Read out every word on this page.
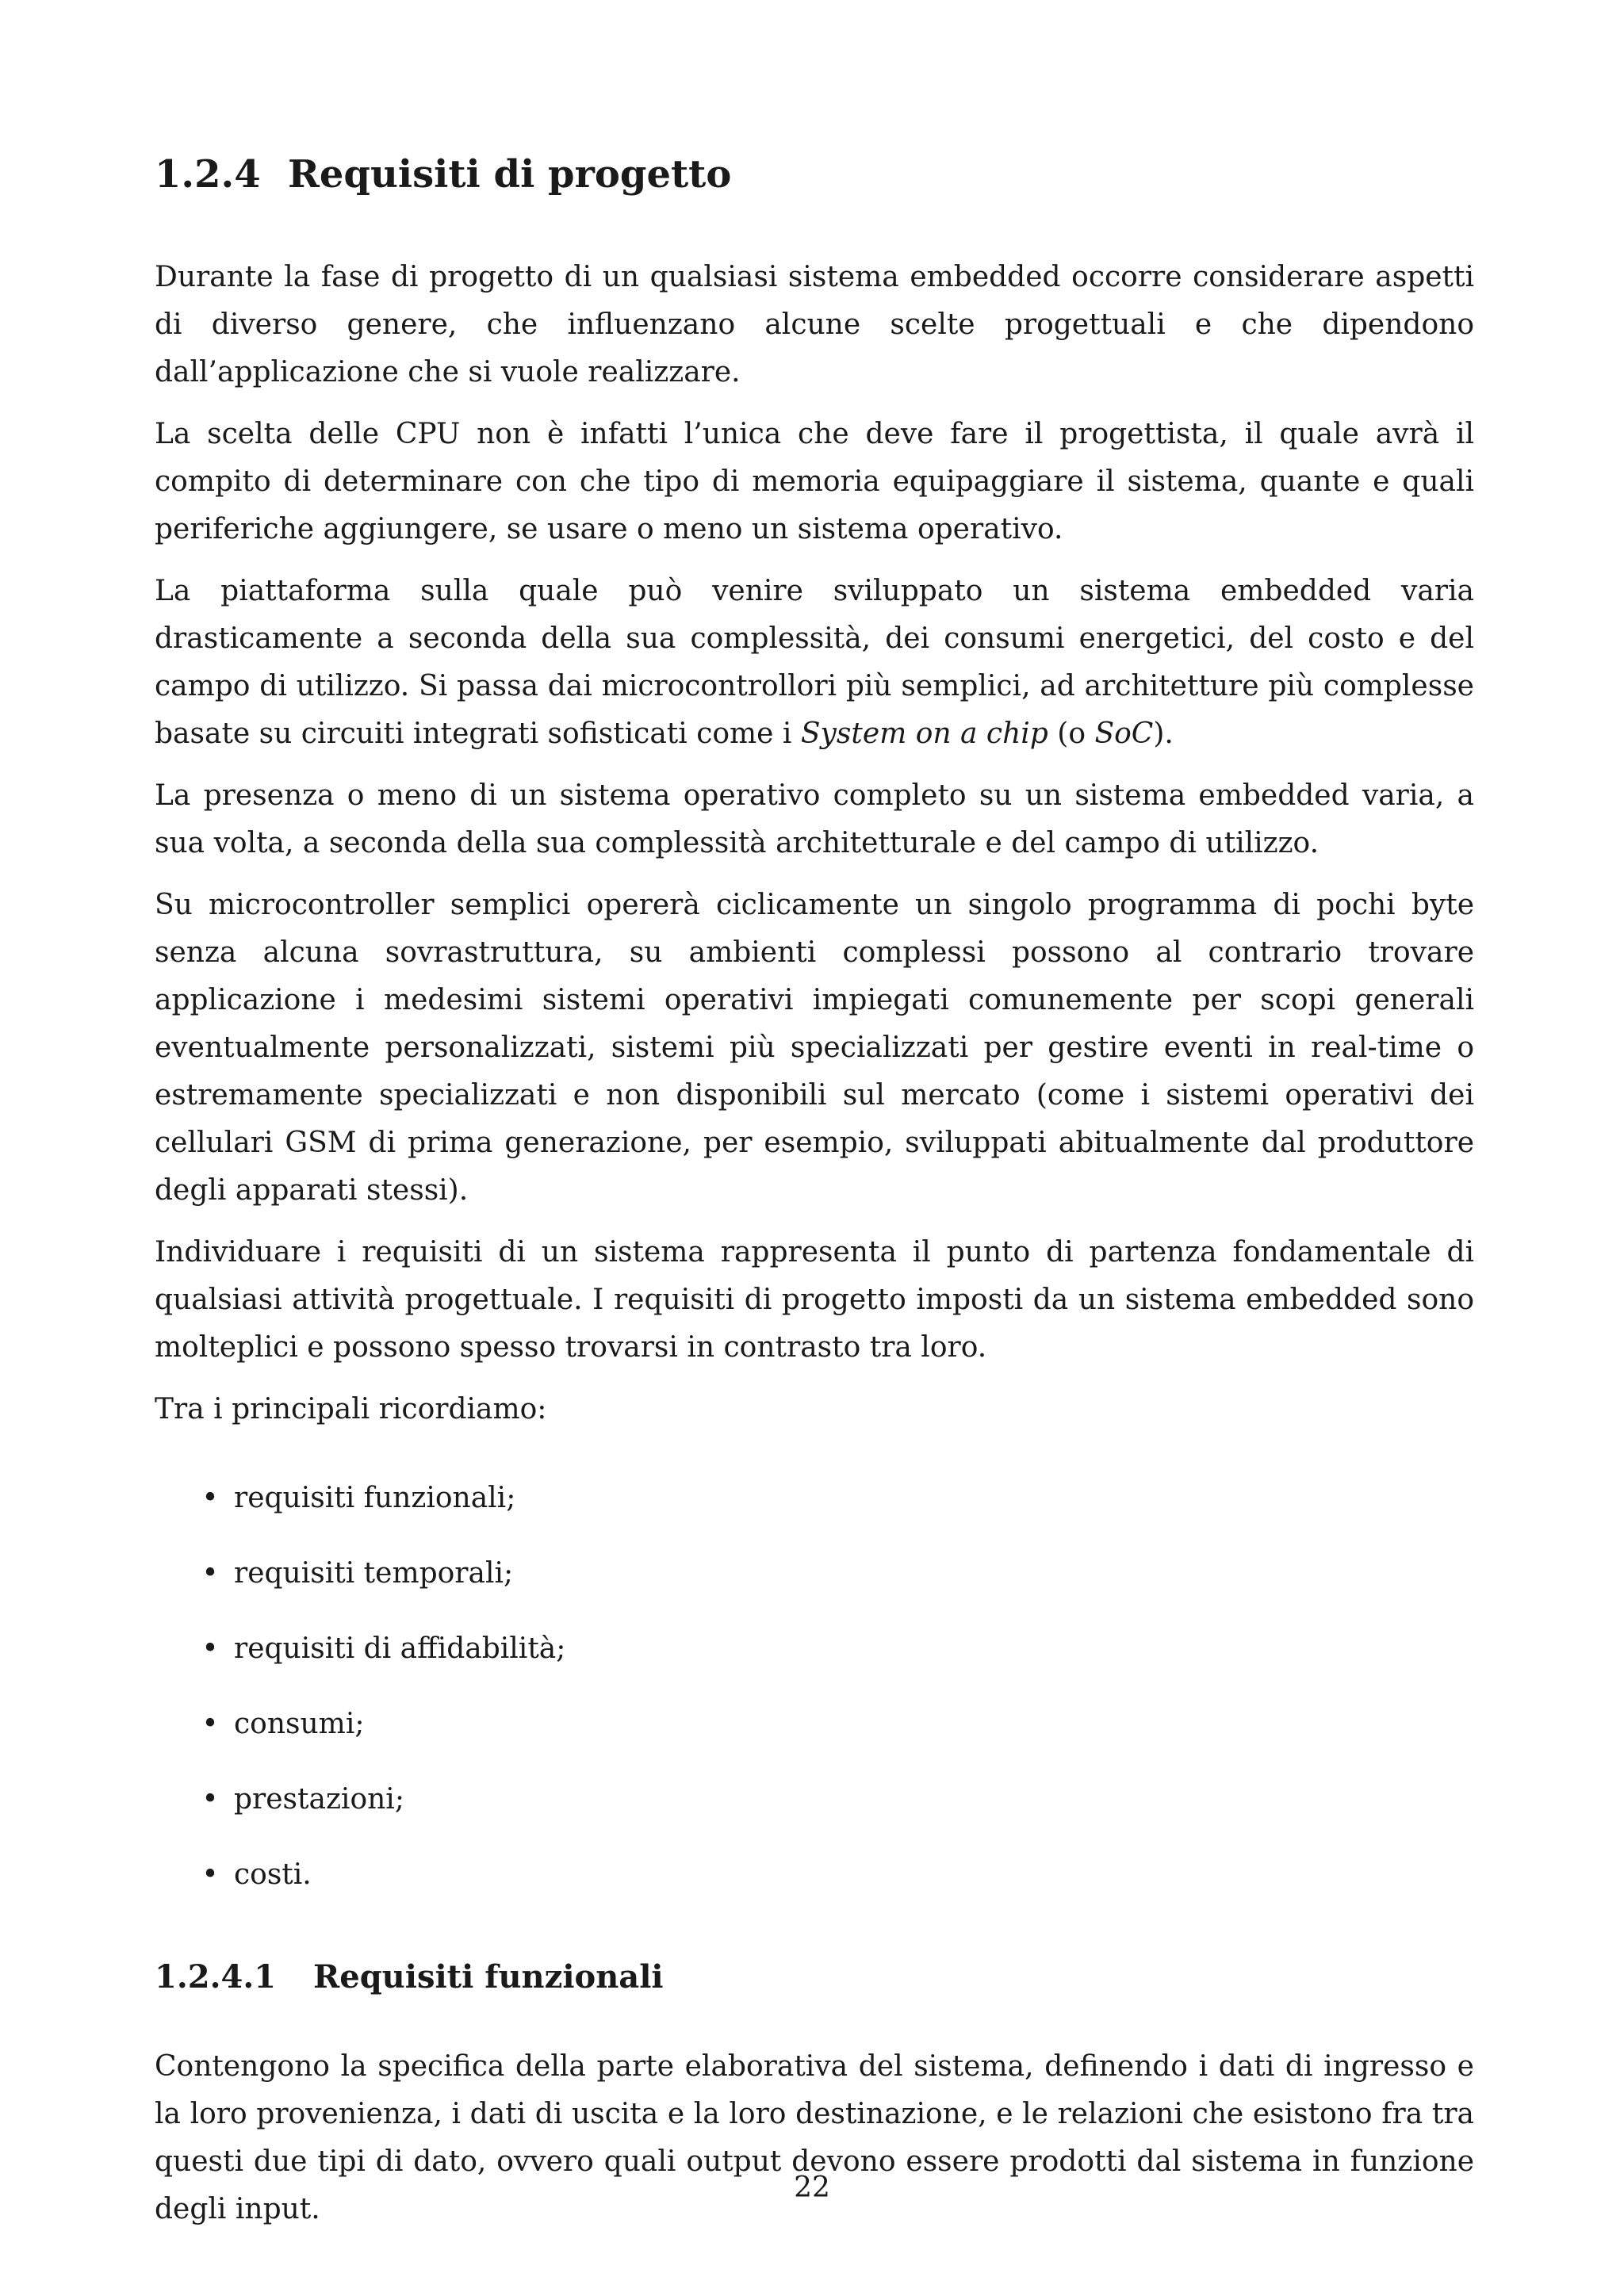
1.2.4 Requisiti di progetto

Durante la fase di progetto di un qualsiasi sistema embedded occorre considerare aspetti di diverso genere, che influenzano alcune scelte progettuali e che dipendono dall’applicazione che si vuole realizzare.

La scelta delle CPU non è infatti l’unica che deve fare il progettista, il quale avrà il compito di determinare con che tipo di memoria equipaggiare il sistema, quante e quali periferiche aggiungere, se usare o meno un sistema operativo.

La piattaforma sulla quale può venire sviluppato un sistema embedded varia drasticamente a seconda della sua complessità, dei consumi energetici, del costo e del campo di utilizzo. Si passa dai microcontrollori più semplici, ad architetture più complesse basate su circuiti integrati sofisticati come i System on a chip (o SoC).

La presenza o meno di un sistema operativo completo su un sistema embedded varia, a sua volta, a seconda della sua complessità architetturale e del campo di utilizzo.

Su microcontroller semplici opererà ciclicamente un singolo programma di pochi byte senza alcuna sovrastruttura, su ambienti complessi possono al contrario trovare applicazione i medesimi sistemi operativi impiegati comunemente per scopi generali eventualmente personalizzati, sistemi più specializzati per gestire eventi in real-time o estremamente specializzati e non disponibili sul mercato (come i sistemi operativi dei cellulari GSM di prima generazione, per esempio, sviluppati abitualmente dal produttore degli apparati stessi).

Individuare i requisiti di un sistema rappresenta il punto di partenza fondamentale di qualsiasi attività progettuale. I requisiti di progetto imposti da un sistema embedded sono molteplici e possono spesso trovarsi in contrasto tra loro.

Tra i principali ricordiamo:

• requisiti funzionali;
• requisiti temporali;
• requisiti di affidabilità;
• consumi;
• prestazioni;
• costi.
1.2.4.1 Requisiti funzionali

Contengono la specifica della parte elaborativa del sistema, definendo i dati di ingresso e la loro provenienza, i dati di uscita e la loro destinazione, e le relazioni che esistono fra tra questi due tipi di dato, ovvero quali output devono essere prodotti dal sistema in funzione degli input.

22
